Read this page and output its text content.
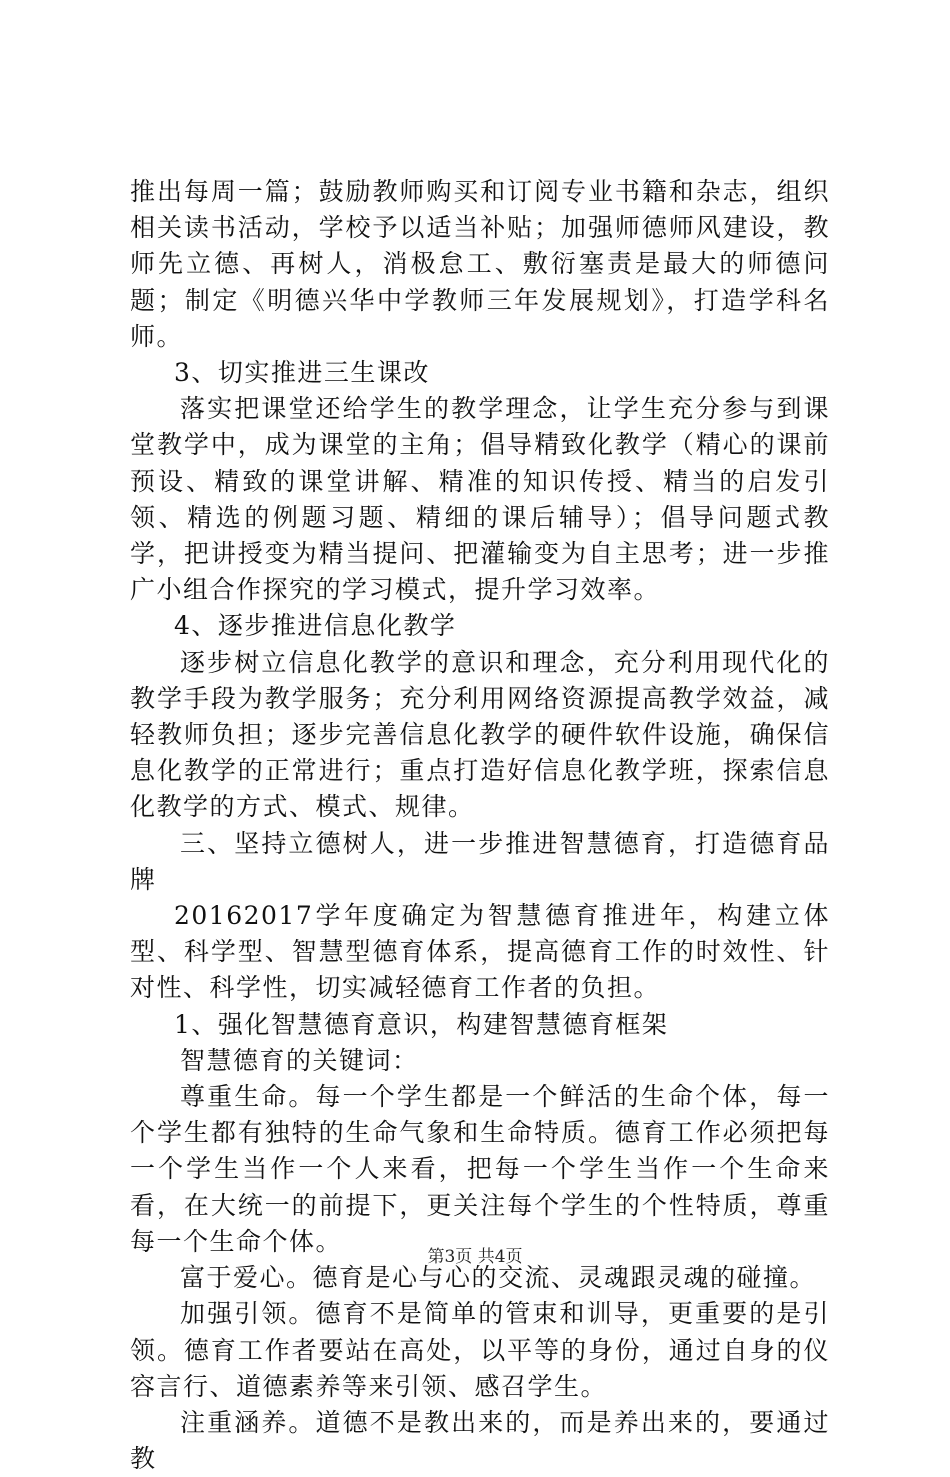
推出每周一篇；鼓励教师购买和订阅专业书籍和杂志，组织相关读书活动，学校予以适当补贴；加强师德师风建设，教师先立德、再树人，消极怠工、敷衍塞责是最大的师德问题；制定《明德兴华中学教师三年发展规划》，打造学科名师。

3、切实推进三生课改

落实把课堂还给学生的教学理念，让学生充分参与到课堂教学中，成为课堂的主角；倡导精致化教学（精心的课前预设、精致的课堂讲解、精准的知识传授、精当的启发引领、精选的例题习题、精细的课后辅导）；倡导问题式教学，把讲授变为精当提问、把灌输变为自主思考；进一步推广小组合作探究的学习模式，提升学习效率。

4、逐步推进信息化教学

逐步树立信息化教学的意识和理念，充分利用现代化的教学手段为教学服务；充分利用网络资源提高教学效益，减轻教师负担；逐步完善信息化教学的硬件软件设施，确保信息化教学的正常进行；重点打造好信息化教学班，探索信息化教学的方式、模式、规律。

三、坚持立德树人，进一步推进智慧德育，打造德育品牌

20162017学年度确定为智慧德育推进年，构建立体型、科学型、智慧型德育体系，提高德育工作的时效性、针对性、科学性，切实减轻德育工作者的负担。

1、强化智慧德育意识，构建智慧德育框架

智慧德育的关键词：

尊重生命。每一个学生都是一个鲜活的生命个体，每一个学生都有独特的生命气象和生命特质。德育工作必须把每一个学生当作一个人来看，把每一个学生当作一个生命来看，在大统一的前提下，更关注每个学生的个性特质，尊重每一个生命个体。

富于爱心。德育是心与心的交流、灵魂跟灵魂的碰撞。

加强引领。德育不是简单的管束和训导，更重要的是引领。德育工作者要站在高处，以平等的身份，通过自身的仪容言行、道德素养等来引领、感召学生。

注重涵养。道德不是教出来的，而是养出来的，要通过教

第3页 共4页
